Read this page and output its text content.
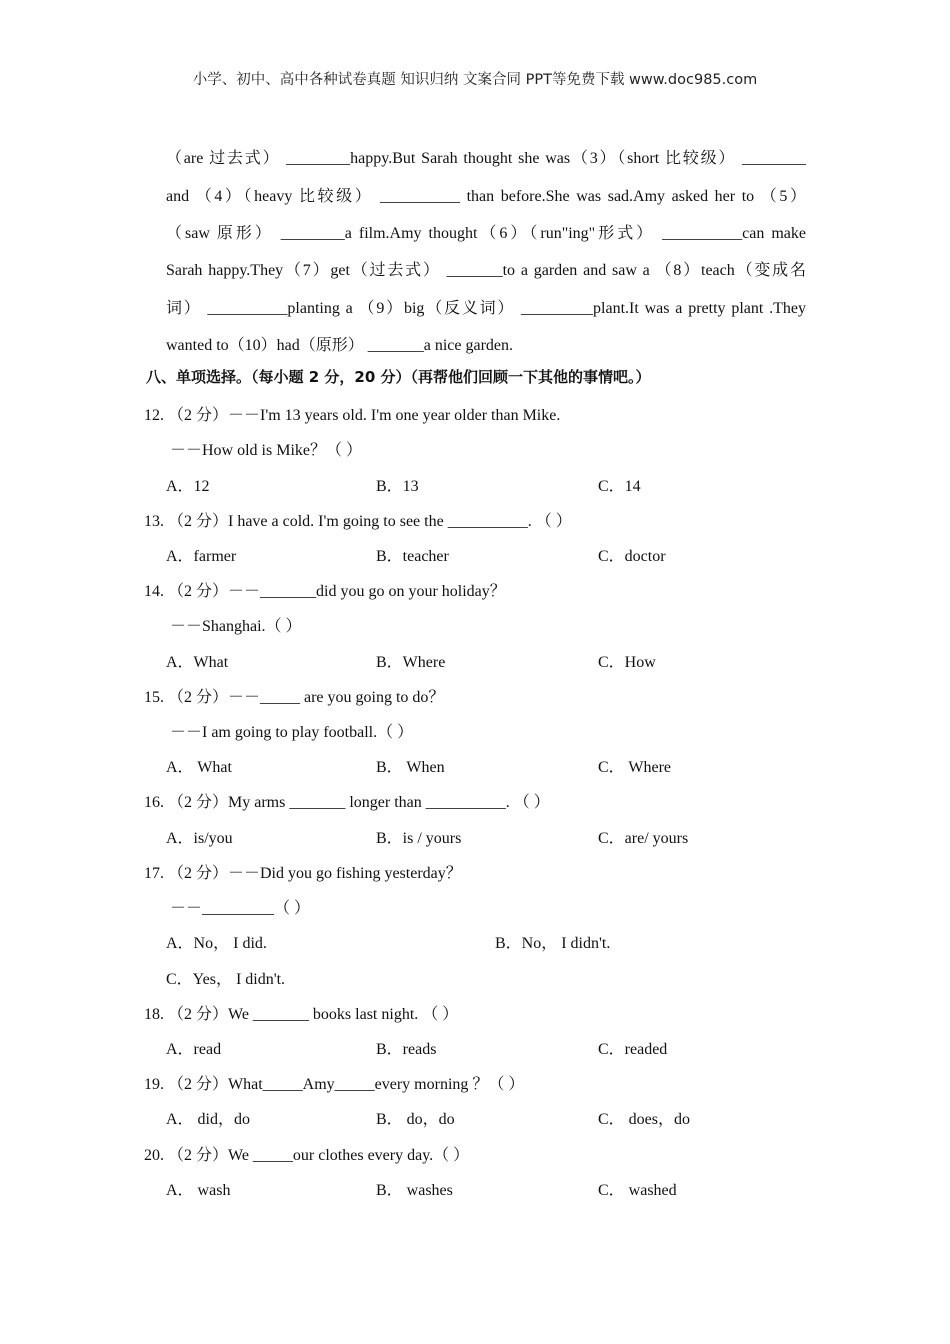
小学、初中、高中各种试卷真题 知识归纳 文案合同 PPT等免费下载 www.doc985.com
（are 过去式） ________happy.But Sarah thought she was（3）（short 比较级） ________
and （4）（heavy 比较级） __________ than before.She was sad.Amy asked her to （5）
（saw 原形） ________a film.Amy thought（6）（run"ing"形式） __________can make
Sarah happy.They（7）get（过去式） _______to a garden and saw a （8）teach（变成名
词） __________planting a （9）big（反义词） _________plant.It was a pretty plant .They
wanted to（10）had（原形） _______a nice garden.
八、单项选择。（每小题 2 分，20 分）（再帮他们回顾一下其他的事情吧。）
12. （2 分）－－I'm 13 years old. I'm one year older than Mike.
－－How old is Mike？（ ）
A．12	B．13	C．14
13. （2 分）I have a cold. I'm going to see the __________. （ ）
A．farmer	B．teacher	C．doctor
14. （2 分）－－_______did you go on your holiday？
－－Shanghai.（ ）
A．What	B．Where	C．How
15. （2 分）－－_____ are you going to do？
－－I am going to play football.（ ）
A． What	B． When	C． Where
16. （2 分）My arms _______ longer than __________. （ ）
A．is/you	B．is / yours	C．are/ yours
17. （2 分）－－Did you go fishing yesterday？
－－_________（ ）
A．No， I did.	B．No， I didn't.
C．Yes， I didn't.
18. （2 分）We _______ books last night. （ ）
A．read	B．reads	C．readed
19. （2 分）What_____Amy_____every morning ？（ ）
A． did，do	B． do，do	C． does，do
20. （2 分）We _____our clothes every day.（ ）
A． wash	B． washes	C． washed
